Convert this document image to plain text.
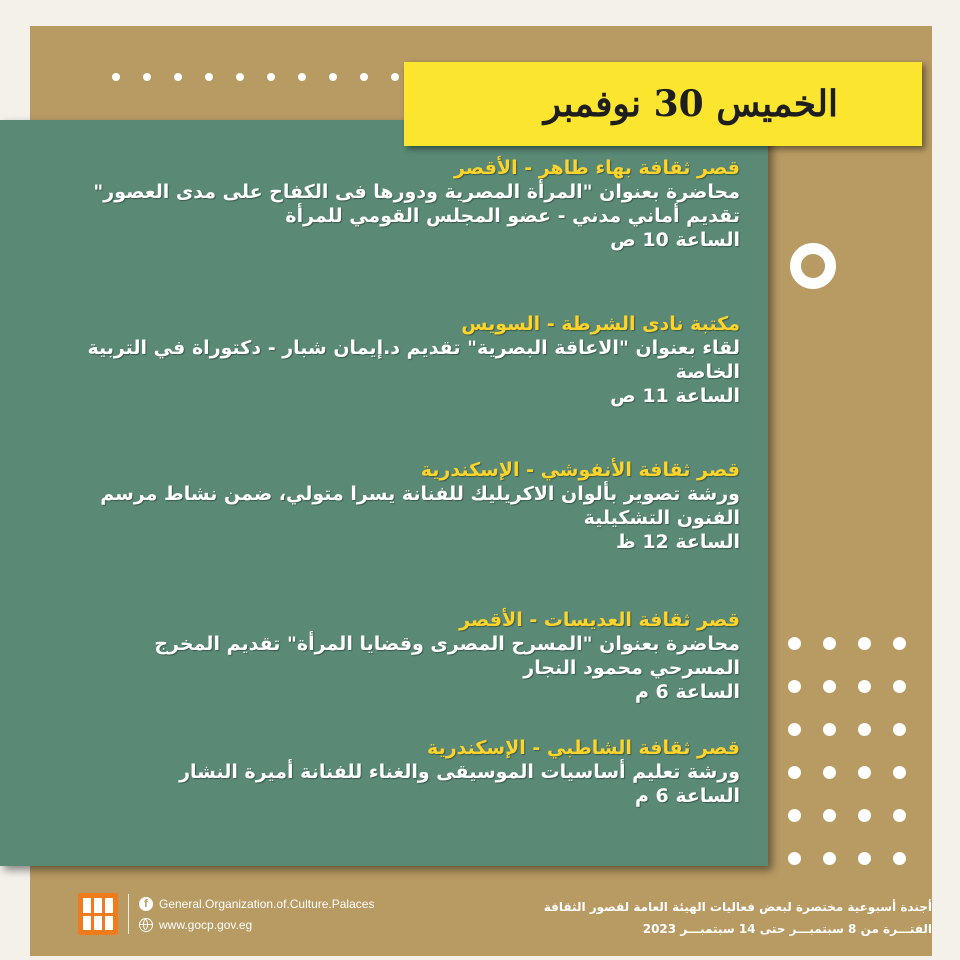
الخميس 30 نوفمبر
قصر ثقافة بهاء طاهر - الأقصر
محاضرة بعنوان "المرأة المصرية ودورها فى الكفاح على مدى العصور"
تقديم أماني مدني - عضو المجلس القومي للمرأة
الساعة 10 ص
مكتبة نادى الشرطة - السويس
لقاء بعنوان "الاعاقة البصرية" تقديم د.إيمان شبار - دكتوراة في التربية
الخاصة
الساعة 11 ص
قصر ثقافة الأنفوشي - الإسكندرية
ورشة تصوير بألوان الاكريليك للفنانة يسرا متولي، ضمن نشاط مرسم
الفنون التشكيلية
الساعة 12 ظ
قصر ثقافة العديسات - الأقصر
محاضرة بعنوان "المسرح المصرى وقضايا المرأة" تقديم المخرج
المسرحي محمود النجار
الساعة 6 م
قصر ثقافة الشاطبي - الإسكندرية
ورشة تعليم أساسيات الموسيقى والغناء للفنانة أميرة النشار
الساعة 6 م
f General.Organization.of.Culture.Palaces
www.gocp.gov.eg
أجندة أسبوعية مختصرة لبعض فعاليات الهيئة العامة لقصور الثقافة
الفتـــرة من 8 سبتمبـــر حتى 14 سبتمبـــر 2023
